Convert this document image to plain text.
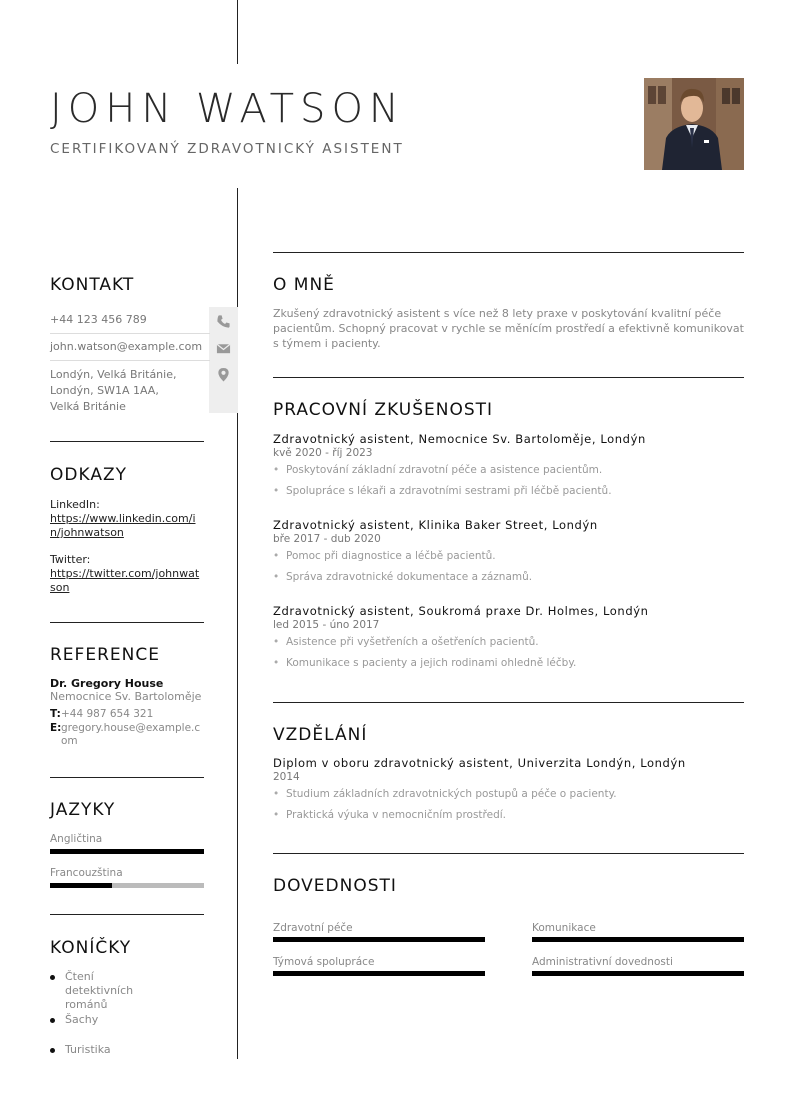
JOHN WATSON
CERTIFIKOVANÝ ZDRAVOTNICKÝ ASISTENT
KONTAKT
+44 123 456 789
john.watson@example.com
Londýn, Velká Británie, Londýn, SW1A 1AA, Velká Británie
ODKAZY
LinkedIn:
https://www.linkedin.com/in/johnwatson
Twitter:
https://twitter.com/johnwatson
REFERENCE
Dr. Gregory House
Nemocnice Sv. Bartoloměje
T: +44 987 654 321
E: gregory.house@example.com
JAZYKY
Angličtina
Francouzština
KONÍČKY
Čtení detektivních románů
Šachy
Turistika
O MNĚ
Zkušený zdravotnický asistent s více než 8 lety praxe v poskytování kvalitní péče pacientům. Schopný pracovat v rychle se měnícím prostředí a efektivně komunikovat s týmem i pacienty.
PRACOVNÍ ZKUŠENOSTI
Zdravotnický asistent, Nemocnice Sv. Bartoloměje, Londýn
kvě 2020 - říj 2023
• Poskytování základní zdravotní péče a asistence pacientům.
• Spolupráce s lékaři a zdravotními sestrami při léčbě pacientů.
Zdravotnický asistent, Klinika Baker Street, Londýn
bře 2017 - dub 2020
• Pomoc při diagnostice a léčbě pacientů.
• Správa zdravotnické dokumentace a záznamů.
Zdravotnický asistent, Soukromá praxe Dr. Holmes, Londýn
led 2015 - úno 2017
• Asistence při vyšetřeních a ošetřeních pacientů.
• Komunikace s pacienty a jejich rodinami ohledně léčby.
VZDĚLÁNÍ
Diplom v oboru zdravotnický asistent, Univerzita Londýn, Londýn
2014
• Studium základních zdravotnických postupů a péče o pacienty.
• Praktická výuka v nemocničním prostředí.
DOVEDNOSTI
Zdravotní péče	Komunikace
Týmová spolupráce	Administrativní dovednosti
